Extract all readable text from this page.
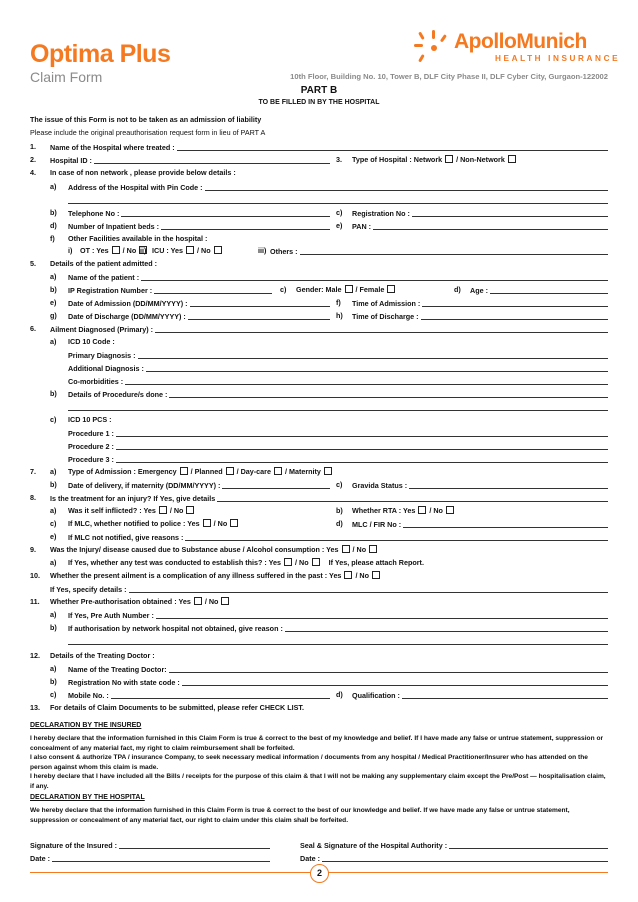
Optima Plus
Claim Form
ApolloMunich
HEALTH INSURANCE
10th Floor, Building No. 10, Tower B, DLF City Phase II, DLF Cyber City, Gurgaon-122002
PART B
TO BE FILLED IN BY THE HOSPITAL
The issue of this Form is not to be taken as an admission of liability
Please include the original preauthorisation request form in lieu of PART A
1. Name of the Hospital where treated :
2. Hospital ID :	3. Type of Hospital : Network / Non-Network
4. In case of non network , please provide below details :
a) Address of the Hospital with Pin Code :
b) Telephone No :	c) Registration No :
d) Number of Inpatient beds :	e) PAN :
f) Other Facilities available in the hospital :
i) OT : Yes / No ii) ICU : Yes / No	iii) Others :
5. Details of the patient admitted :
a) Name of the patient :
b) IP Registration Number :	c) Gender: Male / Female	d) Age :
e) Date of Admission (DD/MM/YYYY) :	f) Time of Admission :
g) Date of Discharge (DD/MM/YYYY) :	h) Time of Discharge :
6. Ailment Diagnosed (Primary) :
a) ICD 10 Code :
Primary Diagnosis :
Additional Diagnosis :
Co-morbidities :
b) Details of Procedure/s done :
c) ICD 10 PCS :
Procedure 1 :
Procedure 2 :
Procedure 3 :
7. a) Type of Admission : Emergency / Planned / Day-care / Maternity
b) Date of delivery, if maternity (DD/MM/YYYY) :	c) Gravida Status :
8. Is the treatment for an injury? If Yes, give details
a) Was it self inflicted? : Yes / No	b) Whether RTA : Yes / No
c) If MLC, whether notified to police : Yes / No	d) MLC / FIR No :
e) If MLC not notified, give reasons :
9. Was the Injury/ disease caused due to Substance abuse / Alcohol consumption : Yes / No
a) If Yes, whether any test was conducted to establish this? : Yes / No	If Yes, please attach Report.
10. Whether the present ailment is a complication of any illness suffered in the past : Yes / No
If Yes, specify details :
11. Whether Pre-authorisation obtained : Yes / No
a) If Yes, Pre Auth Number :
b) If authorisation by network hospital not obtained, give reason :
12. Details of the Treating Doctor :
a) Name of the Treating Doctor:
b) Registration No with state code :
c) Mobile No. :	d) Qualification :
13. For details of Claim Documents to be submitted, please refer CHECK LIST.
DECLARATION BY THE INSURED
I hereby declare that the information furnished in this Claim Form is true & correct to the best of my knowledge and belief. If I have made any false or untrue statement, suppression or concealment of any material fact, my right to claim reimbursement shall be forfeited.
I also consent & authorize TPA / insurance Company, to seek necessary medical information / documents from any hospital / Medical Practitioner/Insurer who has attended on the person against whom this claim is made.
I hereby declare that I have included all the Bills / receipts for the purpose of this claim & that I will not be making any supplementary claim except the Pre/Post — hospitalisation claim, if any.
DECLARATION BY THE HOSPITAL
We hereby declare that the information furnished in this Claim Form is true & correct to the best of our knowledge and belief. If we have made any false or untrue statement, suppression or concealment of any material fact, our right to claim under this claim shall be forfeited.
Signature of the Insured :	Seal & Signature of the Hospital Authority :
Date :	Date :
2
